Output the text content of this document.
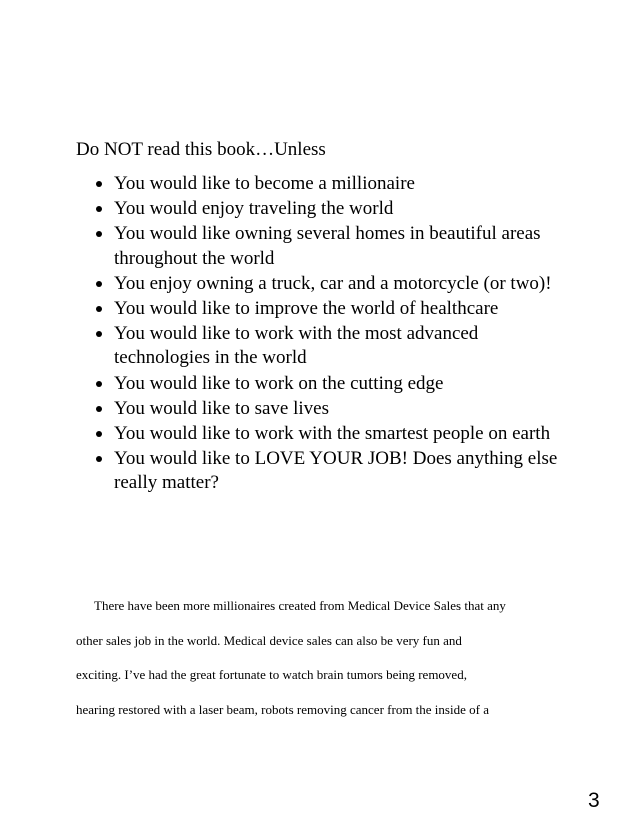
Do NOT read this book…Unless
You would like to become a millionaire
You would enjoy traveling the world
You would like owning several homes in beautiful areas throughout the world
You enjoy owning a truck, car and a motorcycle (or two)!
You would like to improve the world of healthcare
You would like to work with the most advanced technologies in the world
You would like to work on the cutting edge
You would like to save lives
You would like to work with the smartest people on earth
You would like to LOVE YOUR JOB! Does anything else really matter?

There have been more millionaires created from Medical Device Sales that any
other sales job in the world. Medical device sales can also be very fun and
exciting. I’ve had the great fortunate to watch brain tumors being removed,
hearing restored with a laser beam, robots removing cancer from the inside of a

3
